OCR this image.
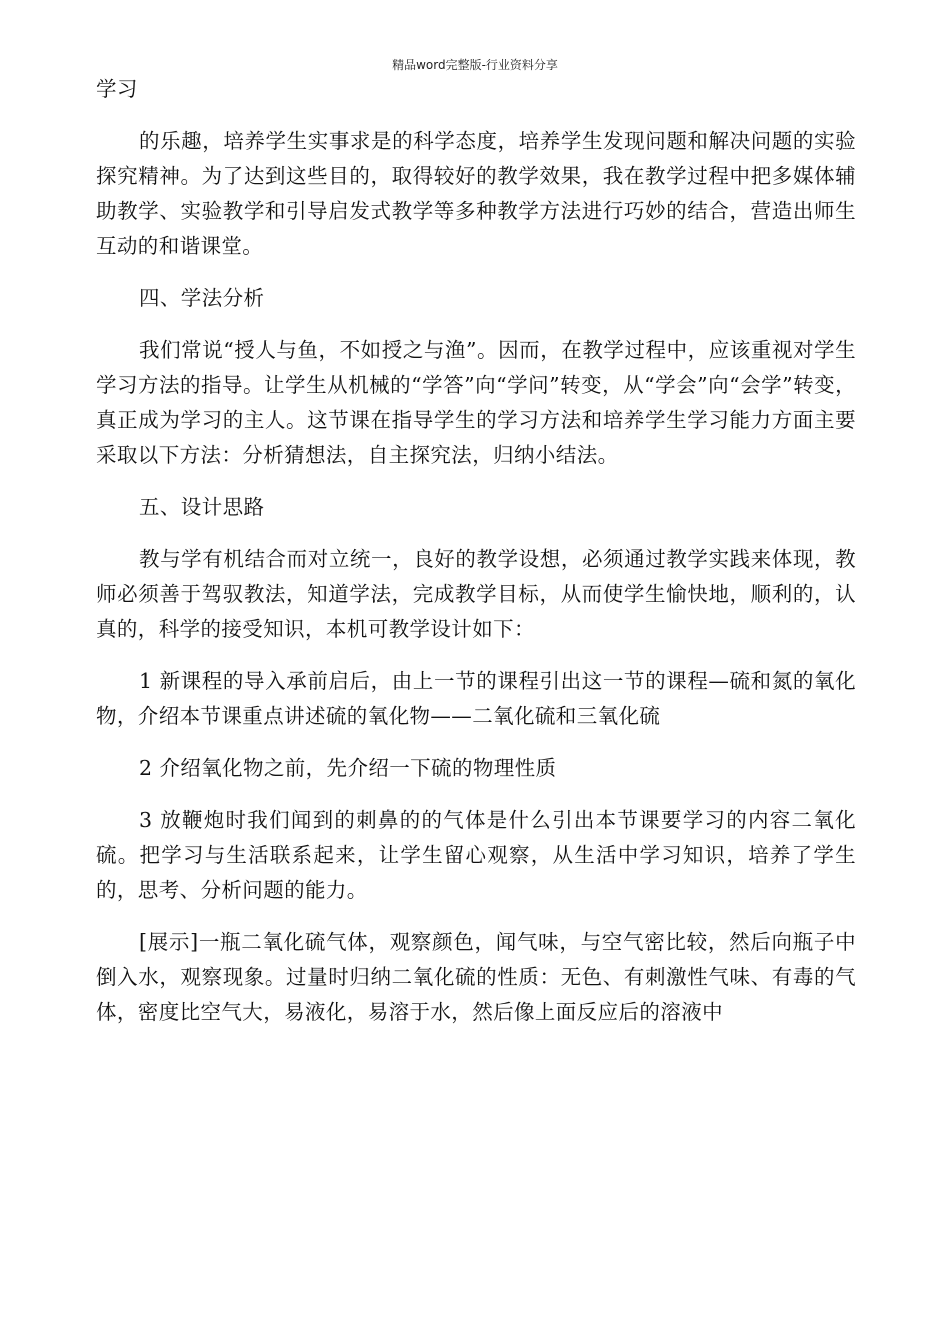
精品word完整版-行业资料分享

学习

的乐趣，培养学生实事求是的科学态度，培养学生发现问题和解决问题的实验探究精神。为了达到这些目的，取得较好的教学效果，我在教学过程中把多媒体辅助教学、实验教学和引导启发式教学等多种教学方法进行巧妙的结合，营造出师生互动的和谐课堂。

四、学法分析

我们常说“授人与鱼，不如授之与渔”。因而，在教学过程中，应该重视对学生学习方法的指导。让学生从机械的“学答”向“学问”转变，从“学会”向“会学”转变，真正成为学习的主人。这节课在指导学生的学习方法和培养学生学习能力方面主要采取以下方法：分析猜想法，自主探究法，归纳小结法。

五、设计思路

教与学有机结合而对立统一，良好的教学设想，必须通过教学实践来体现，教师必须善于驾驭教法，知道学法，完成教学目标，从而使学生愉快地，顺利的，认真的，科学的接受知识，本机可教学设计如下：

1 新课程的导入承前启后，由上一节的课程引出这一节的课程—硫和氮的氧化物，介绍本节课重点讲述硫的氧化物——二氧化硫和三氧化硫

2 介绍氧化物之前，先介绍一下硫的物理性质

3 放鞭炮时我们闻到的刺鼻的的气体是什么引出本节课要学习的内容二氧化硫。把学习与生活联系起来，让学生留心观察，从生活中学习知识，培养了学生的，思考、分析问题的能力。

[展示]一瓶二氧化硫气体，观察颜色，闻气味，与空气密比较，然后向瓶子中倒入水，观察现象。过量时归纳二氧化硫的性质：无色、有刺激性气味、有毒的气体，密度比空气大，易液化，易溶于水，然后像上面反应后的溶液中
